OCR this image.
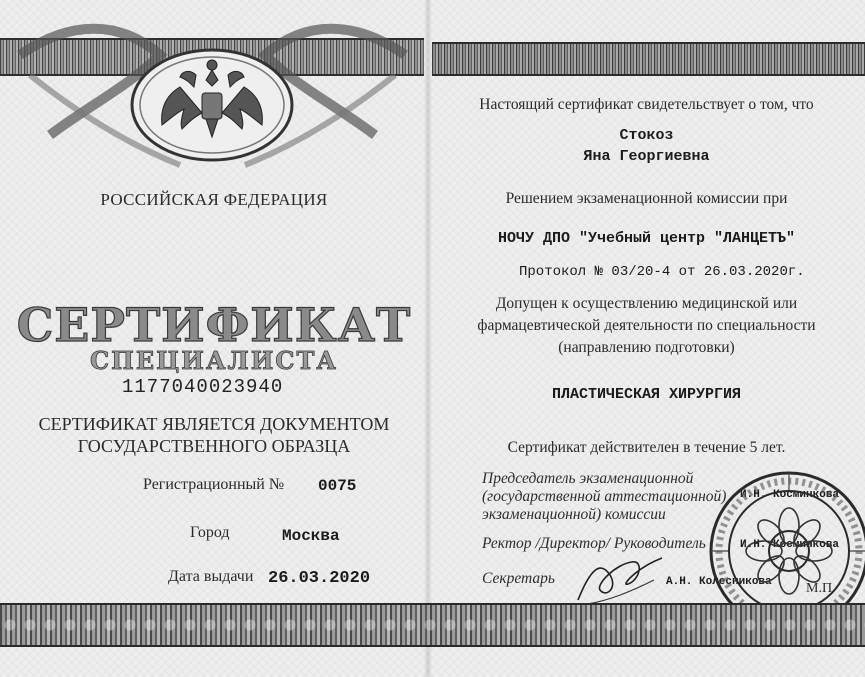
РОССИЙСКАЯ ФЕДЕРАЦИЯ
СЕРТИФИКАТ
СПЕЦИАЛИСТА
1177040023940
СЕРТИФИКАТ ЯВЛЯЕТСЯ ДОКУМЕНТОМ
ГОСУДАРСТВЕННОГО ОБРАЗЦА
Регистрационный № 0075
Город	Москва
Дата выдачи 26.03.2020
Настоящий сертификат свидетельствует о том, что
Стокоз
Яна Георгиевна
Решением экзаменационной комиссии при
НОЧУ ДПО "Учебный центр "ЛАНЦЕТЪ"
Протокол № 03/20-4 от 26.03.2020г.
Допущен к осуществлению медицинской или
фармацевтической деятельности по специальности
(направлению подготовки)
ПЛАСТИЧЕСКАЯ ХИРУРГИЯ
Сертификат действителен в течение 5 лет.
Председатель экзаменационной
(государственной аттестационной)
экзаменационной) комиссии
И.Н. Косминкова
Ректор /Директор/ Руководитель	И.Н. Косминкова
Секретарь	А.Н. Колесникова М.П.
